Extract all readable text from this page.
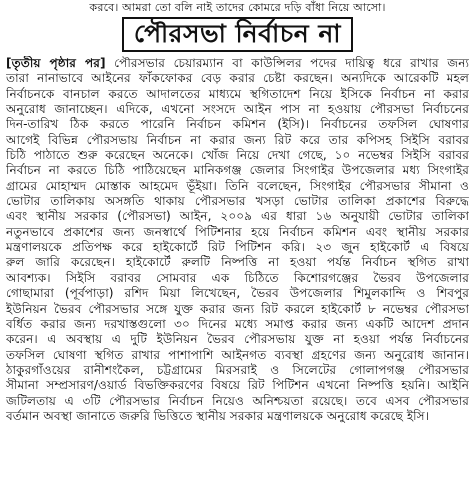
করবে। আমরা তো বলি নাই তাদের কোমরে দড়ি বাঁধা নিয়ে আসো।
পৌরসভা নির্বাচন না
[তৃতীয় পৃষ্ঠার পর] পৌরসভার চেয়ারম্যান বা কাউন্সিলর পদের দায়িত্ব ধরে রাখার জন্য
তারা নানাভাবে আইনের ফাঁকফোকর বেড় করার চেষ্টা করছেন। অন্যদিকে আরেকটি মহল
নির্বাচনকে বানচাল করতে আদালতের মাধ্যমে স্থগিতাদেশ নিয়ে ইসিকে নির্বাচন না করার
অনুরোধ জানাচ্ছেন। এদিকে, এখনো সংসদে আইন পাস না হওয়ায় পৌরসভা নির্বাচনের
দিন-তারিখ ঠিক করতে পারেনি নির্বাচন কমিশন (ইসি)। নির্বাচনের তফসিল ঘোষণার
আগেই বিভিন্ন পৌরসভায় নির্বাচন না করার জন্য রিট করে তার কপিসহ সিইসি বরাবর
চিঠি পাঠাতে শুরু করেছেন অনেকে। খোঁজ নিয়ে দেখা গেছে, ১০ নভেম্বর সিইসি বরাবর
নির্বাচন না করতে চিঠি পাঠিয়েছেন মানিকগঞ্জ জেলার সিংগাইর উপজেলার মধ্য সিংগাইর
গ্রামের মোহাম্মদ মোস্তাক আহমেদ ভূঁইয়া। তিনি বলেছেন, সিংগাইর পৌরসভার সীমানা ও
ভোটার তালিকায় অসঙ্গতি থাকায় পৌরসভার খসড়া ভোটার তালিকা প্রকাশের বিরুদ্ধে
এবং স্থানীয় সরকার (পৌরসভা) আইন, ২০০৯ এর ধারা ১৬ অনুযায়ী ভোটার তালিকা
নতুনভাবে প্রকাশের জন্য জনস্বার্থে পিটিশনার হয়ে নির্বাচন কমিশন এবং স্থানীয় সরকার
মন্ত্রণালয়কে প্রতিপক্ষ করে হাইকোর্টে রিট পিটিশন করি। ২৩ জুন হাইকোর্ট এ বিষয়ে
রুল জারি করেছেন। হাইকোর্টে রুলটি নিষ্পত্তি না হওয়া পর্যন্ত নির্বাচন স্থগিত রাখা
আবশ্যক। সিইসি বরাবর সোমবার এক চিঠিতে কিশোরগঞ্জের ভৈরব উপজেলার
গোছামারা (পূর্বপাড়া) রশিদ মিয়া লিখেছেন, ভৈরব উপজেলার শিমুলকান্দি ও শিবপুর
ইউনিয়ন ভৈরব পৌরসভার সঙ্গে যুক্ত করার জন্য রিট করলে হাইকোর্ট ৮ নভেম্বর পৌরসভা
বর্ধিত করার জন্য দরখাস্তগুলো ৩০ দিনের মধ্যে সমাপ্ত করার জন্য একটি আদেশ প্রদান
করেন। এ অবস্থায় এ দুটি ইউনিয়ন ভৈরব পৌরসভায় যুক্ত না হওয়া পর্যন্ত নির্বাচনের
তফসিল ঘোষণা স্থগিত রাখার পাশাপাশি আইনগত ব্যবস্থা গ্রহণের জন্য অনুরোধ জানান।
ঠাকুরগাঁওয়ের রানীশংকৈল, চট্টগ্রামের মিরসরাই ও সিলেটের গোলাপগঞ্জ পৌরসভার
সীমানা সম্প্রসারণ/ওয়ার্ড বিভক্তিকরণের বিষয়ে রিট পিটিশন এখনো নিষ্পত্তি হয়নি। আইনি
জটিলতায় এ ৩টি পৌরসভার নির্বাচন নিয়েও অনিশ্চয়তা রয়েছে। তবে এসব পৌরসভার
বর্তমান অবস্থা জানাতে জরুরি ভিত্তিতে স্থানীয় সরকার মন্ত্রণালয়কে অনুরোধ করেছে ইসি।
